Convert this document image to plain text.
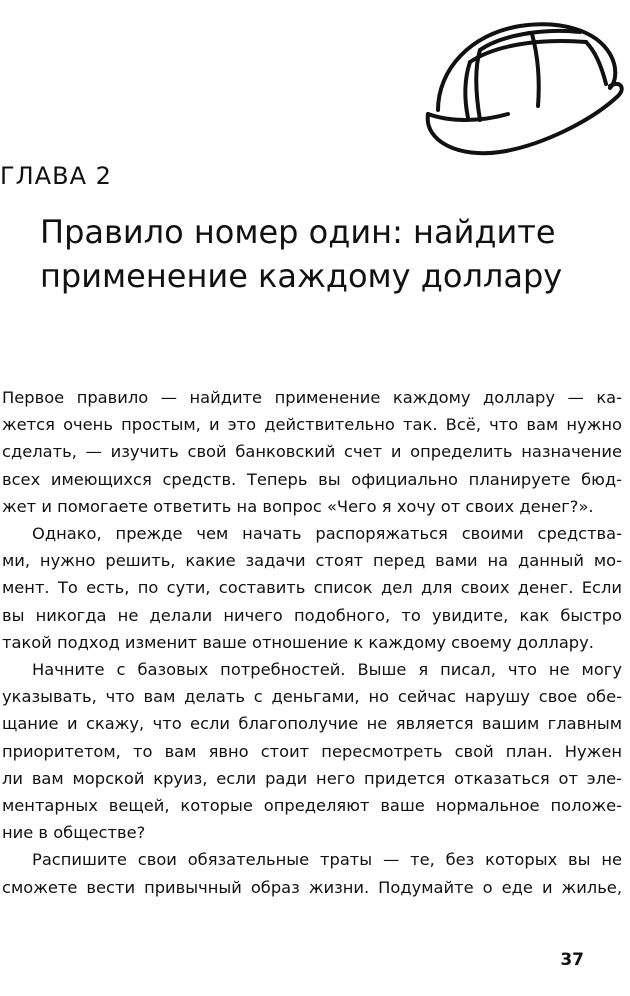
ГЛАВА 2
Правило номер один: найдите
применение каждому доллару
Первое правило — найдите применение каждому доллару — ка-
жется очень простым, и это действительно так. Всё, что вам нужно
сделать, — изучить свой банковский счет и определить назначение
всех имеющихся средств. Теперь вы официально планируете бюд-
жет и помогаете ответить на вопрос «Чего я хочу от своих денег?».
Однако, прежде чем начать распоряжаться своими средства-
ми, нужно решить, какие задачи стоят перед вами на данный мо-
мент. То есть, по сути, составить список дел для своих денег. Если
вы никогда не делали ничего подобного, то увидите, как быстро
такой подход изменит ваше отношение к каждому своему доллару.
Начните с базовых потребностей. Выше я писал, что не могу
указывать, что вам делать с деньгами, но сейчас нарушу свое обе-
щание и скажу, что если благополучие не является вашим главным
приоритетом, то вам явно стоит пересмотреть свой план. Нужен
ли вам морской круиз, если ради него придется отказаться от эле-
ментарных вещей, которые определяют ваше нормальное положе-
ние в обществе?
Распишите свои обязательные траты — те, без которых вы не
сможете вести привычный образ жизни. Подумайте о еде и жилье,
37
